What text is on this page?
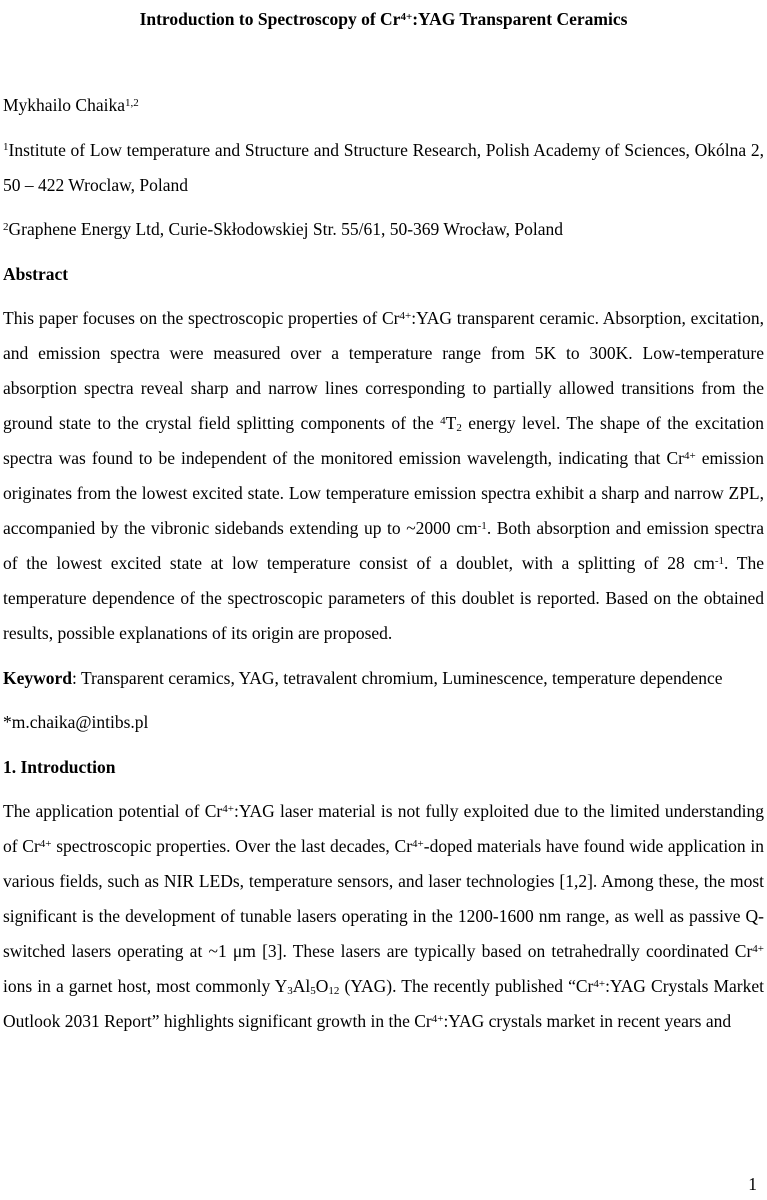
Introduction to Spectroscopy of $Cr^{4+}:YAG$ Transparent Ceramics

Mykhailo Chaika$^{1,2}$

$^1$Institute of Low temperature and Structure and Structure Research, Polish Academy of Sciences, Okólna 2, 50 – 422 Wroclaw, Poland

$^2$Graphene Energy Ltd, Curie-Skłodowskiej Str. 55/61, 50-369 Wrocław, Poland

Abstract

This paper focuses on the spectroscopic properties of $Cr^{4+}:YAG$ transparent ceramic. Absorption, excitation, and emission spectra were measured over a temperature range from 5K to 300K. Low-temperature absorption spectra reveal sharp and narrow lines corresponding to partially allowed transitions from the ground state to the crystal field splitting components of the $^4T_2$ energy level. The shape of the excitation spectra was found to be independent of the monitored emission wavelength, indicating that $Cr^{4+}$ emission originates from the lowest excited state. Low temperature emission spectra exhibit a sharp and narrow ZPL, accompanied by the vibronic sidebands extending up to ~2000 $cm^{-1}$. Both absorption and emission spectra of the lowest excited state at low temperature consist of a doublet, with a splitting of 28 $cm^{-1}$. The temperature dependence of the spectroscopic parameters of this doublet is reported. Based on the obtained results, possible explanations of its origin are proposed.

Keyword: Transparent ceramics, YAG, tetravalent chromium, Luminescence, temperature dependence

*m.chaika@intibs.pl

1. Introduction

The application potential of $Cr^{4+}:YAG$ laser material is not fully exploited due to the limited understanding of $Cr^{4+}$ spectroscopic properties. Over the last decades, $Cr^{4+}$-doped materials have found wide application in various fields, such as NIR LEDs, temperature sensors, and laser technologies [1,2]. Among these, the most significant is the development of tunable lasers operating in the 1200-1600 nm range, as well as passive Q-switched lasers operating at ~1 μm [3]. These lasers are typically based on tetrahedrally coordinated $Cr^{4+}$ ions in a garnet host, most commonly $Y_3Al_5O_{12}$ (YAG). The recently published “$Cr^{4+}:YAG$ Crystals Market Outlook 2031 Report” highlights significant growth in the $Cr^{4+}:YAG$ crystals market in recent years and

1
